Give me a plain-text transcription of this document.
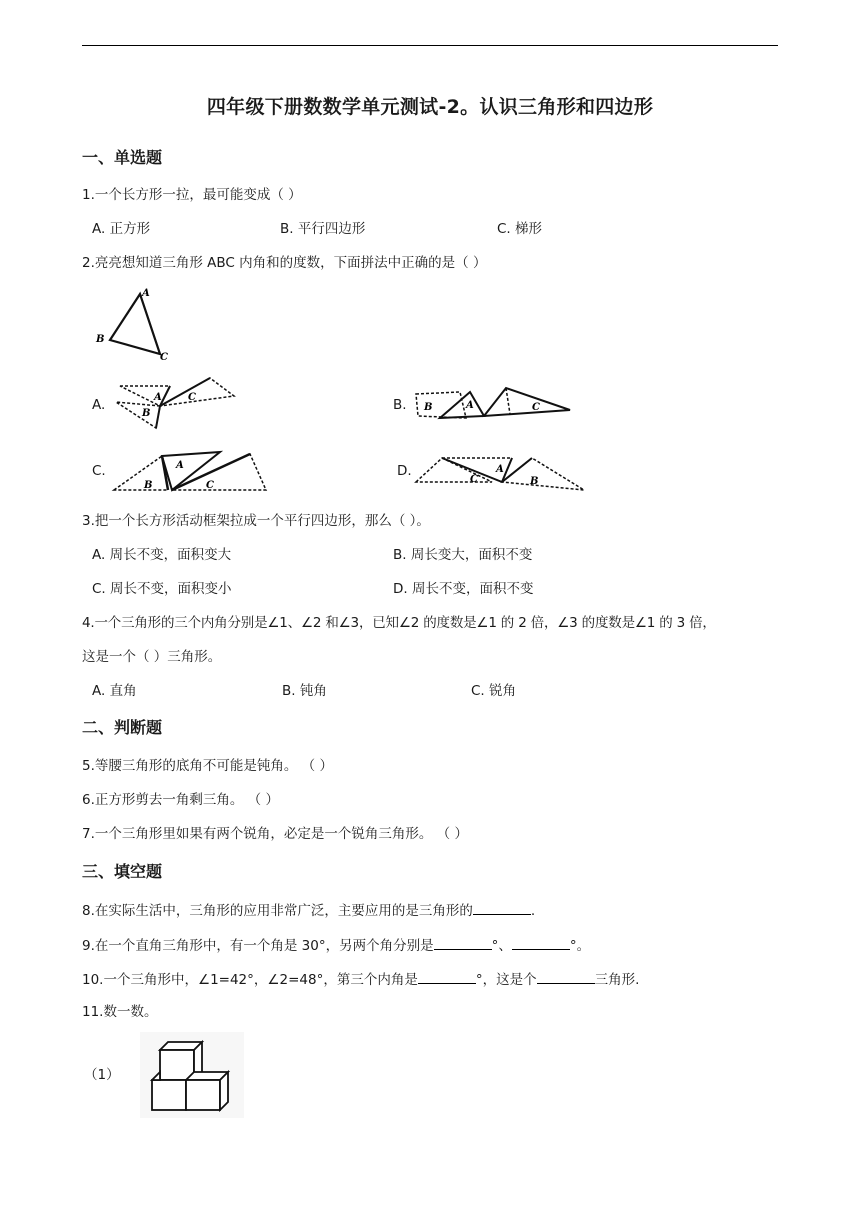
四年级下册数数学单元测试-2。认识三角形和四边形
一、单选题
1.一个长方形一拉，最可能变成（ ）
A. 正方形	B. 平行四边形	C. 梯形
2.亮亮想知道三角形 ABC 内角和的度数，下面拼法中正确的是（ ）
A
B
C
A.	A
B
C	B. B	A	C
C.	A
B	C
D.	A
C	B
3.把一个长方形活动框架拉成一个平行四边形，那么（ ）。
A. 周长不变，面积变大	B. 周长变大，面积不变
C. 周长不变，面积变小	D. 周长不变，面积不变
4.一个三角形的三个内角分别是∠1、∠2 和∠3，已知∠2 的度数是∠1 的 2 倍，∠3 的度数是∠1 的 3 倍，
这是一个（ ）三角形。
A. 直角	B. 钝角	C. 锐角
二、判断题
5.等腰三角形的底角不可能是钝角。 （ ）
6.正方形剪去一角剩三角。 （ ）
7.一个三角形里如果有两个锐角，必定是一个锐角三角形。 （ ）
三、填空题
8.在实际生活中，三角形的应用非常广泛，主要应用的是三角形的	.
9.在一个直角三角形中，有一个角是 30°，另两个角分别是	°、	°。
10.一个三角形中，∠1=42°，∠2=48°，第三个内角是	°，这是个	三角形.
11.数一数。
（1）
